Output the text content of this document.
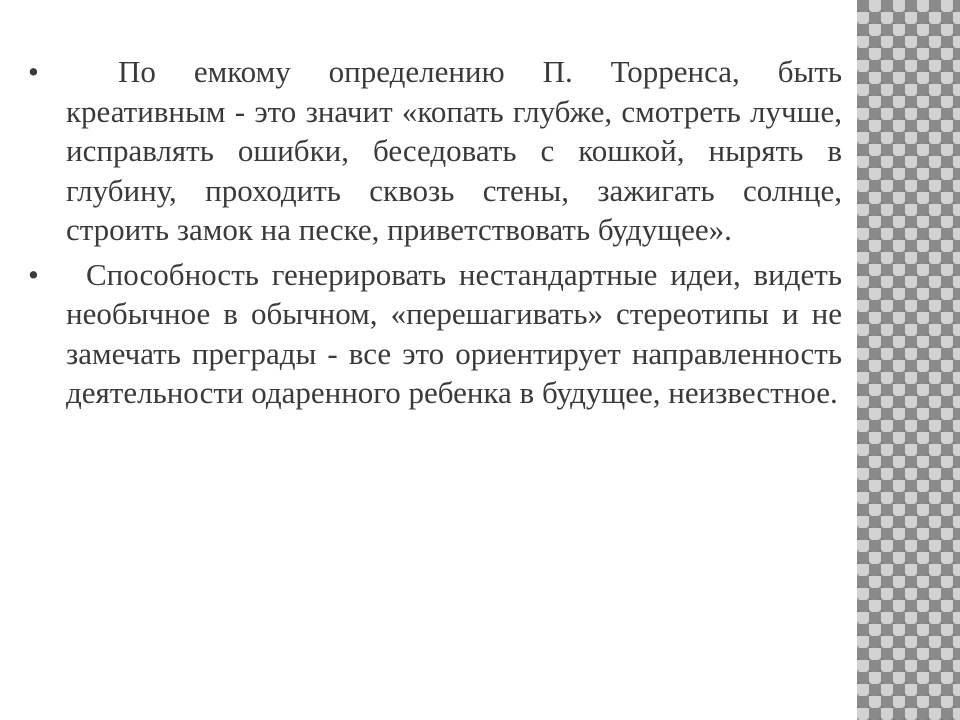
•	По емкому определению П. Торренса, быть креативным - это значит «копать глубже, смотреть лучше, исправлять ошибки, беседовать с кошкой, нырять в глубину, проходить сквозь стены, зажигать солнце, строить замок на песке, приветствовать будущее».
•	Способность генерировать нестандартные идеи, видеть необычное в обычном, «перешагивать» стереотипы и не замечать преграды - все это ориентирует направленность деятельности одаренного ребенка в будущее, неизвестное.
